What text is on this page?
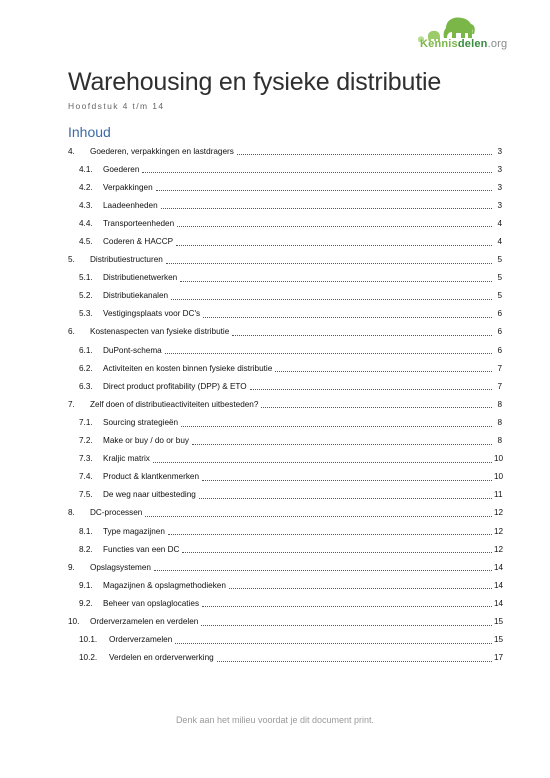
Kennisdelen.org
Warehousing en fysieke distributie
Hoofdstuk 4 t/m 14
Inhoud
4.	Goederen, verpakkingen en lastdragers	3
4.1.	Goederen	3
4.2.	Verpakkingen	3
4.3.	Laadeenheden	3
4.4.	Transporteenheden	4
4.5.	Coderen & HACCP	4
5.	Distributiestructuren	5
5.1.	Distributienetwerken	5
5.2.	Distributiekanalen	5
5.3.	Vestigingsplaats voor DC's	6
6.	Kostenaspecten van fysieke distributie	6
6.1.	DuPont-schema	6
6.2.	Activiteiten en kosten binnen fysieke distributie	7
6.3.	Direct product profitability (DPP) & ETO	7
7.	Zelf doen of distributieactiviteiten uitbesteden?	8
7.1.	Sourcing strategieën	8
7.2.	Make or buy / do or buy	8
7.3.	Kraljic matrix	10
7.4.	Product & klantkenmerken	10
7.5.	De weg naar uitbesteding	11
8.	DC-processen	12
8.1.	Type magazijnen	12
8.2.	Functies van een DC	12
9.	Opslagsystemen	14
9.1.	Magazijnen & opslagmethodieken	14
9.2.	Beheer van opslaglocaties	14
10.	Orderverzamelen en verdelen	15
10.1.	Orderverzamelen	15
10.2.	Verdelen en orderverwerking	17
Denk aan het milieu voordat je dit document print.
